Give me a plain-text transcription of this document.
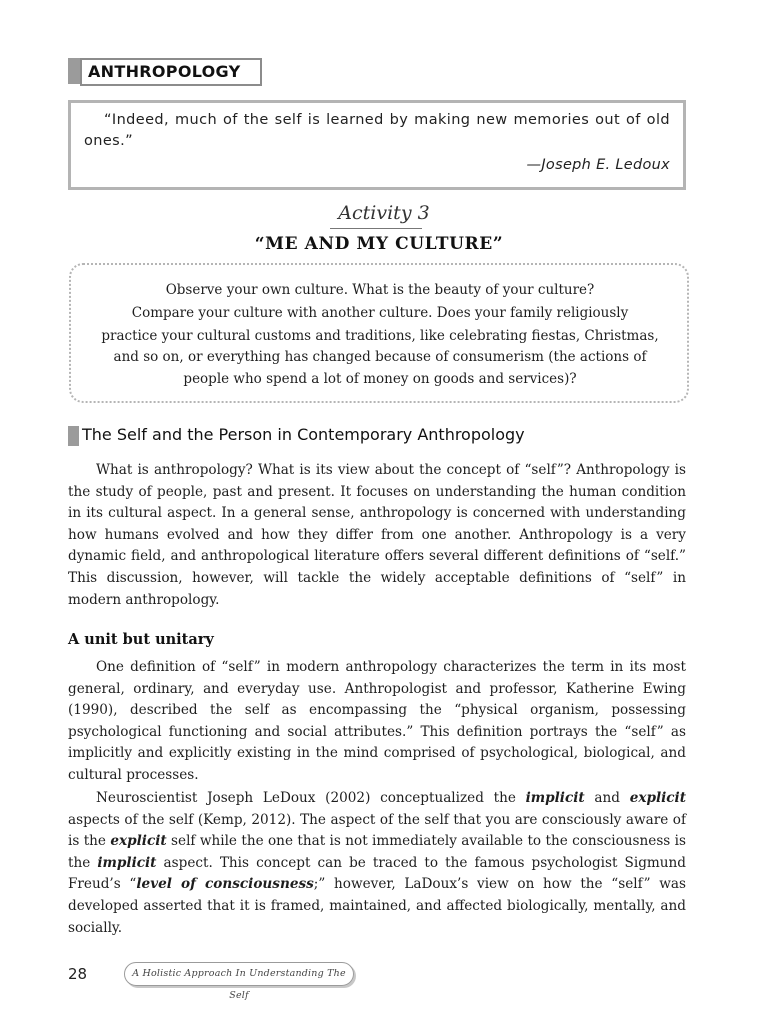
ANTHROPOLOGY
“Indeed, much of the self is learned by making new memories out of old ones.”
—Joseph E. Ledoux
Activity 3
“ME AND MY CULTURE”
Observe your own culture. What is the beauty of your culture?
Compare your culture with another culture. Does your family religiously
practice your cultural customs and traditions, like celebrating fiestas, Christmas,
and so on, or everything has changed because of consumerism (the actions of
people who spend a lot of money on goods and services)?
The Self and the Person in Contemporary Anthropology
What is anthropology? What is its view about the concept of “self”? Anthropology is the study of people, past and present. It focuses on understanding the human condition in its cultural aspect. In a general sense, anthropology is concerned with understanding how humans evolved and how they differ from one another. Anthropology is a very dynamic field, and anthropological literature offers several different definitions of “self.” This discussion, however, will tackle the widely acceptable definitions of “self” in modern anthropology.
A unit but unitary
One definition of “self” in modern anthropology characterizes the term in its most general, ordinary, and everyday use. Anthropologist and professor, Katherine Ewing (1990), described the self as encompassing the “physical organism, possessing psychological functioning and social attributes.” This definition portrays the “self” as implicitly and explicitly existing in the mind comprised of psychological, biological, and cultural processes.
Neuroscientist Joseph LeDoux (2002) conceptualized the implicit and explicit aspects of the self (Kemp, 2012). The aspect of the self that you are consciously aware of is the explicit self while the one that is not immediately available to the consciousness is the implicit aspect. This concept can be traced to the famous psychologist Sigmund Freud’s “level of consciousness;” however, LaDoux’s view on how the “self” was developed asserted that it is framed, maintained, and affected biologically, mentally, and socially.
28	A Holistic Approach In Understanding The Self
